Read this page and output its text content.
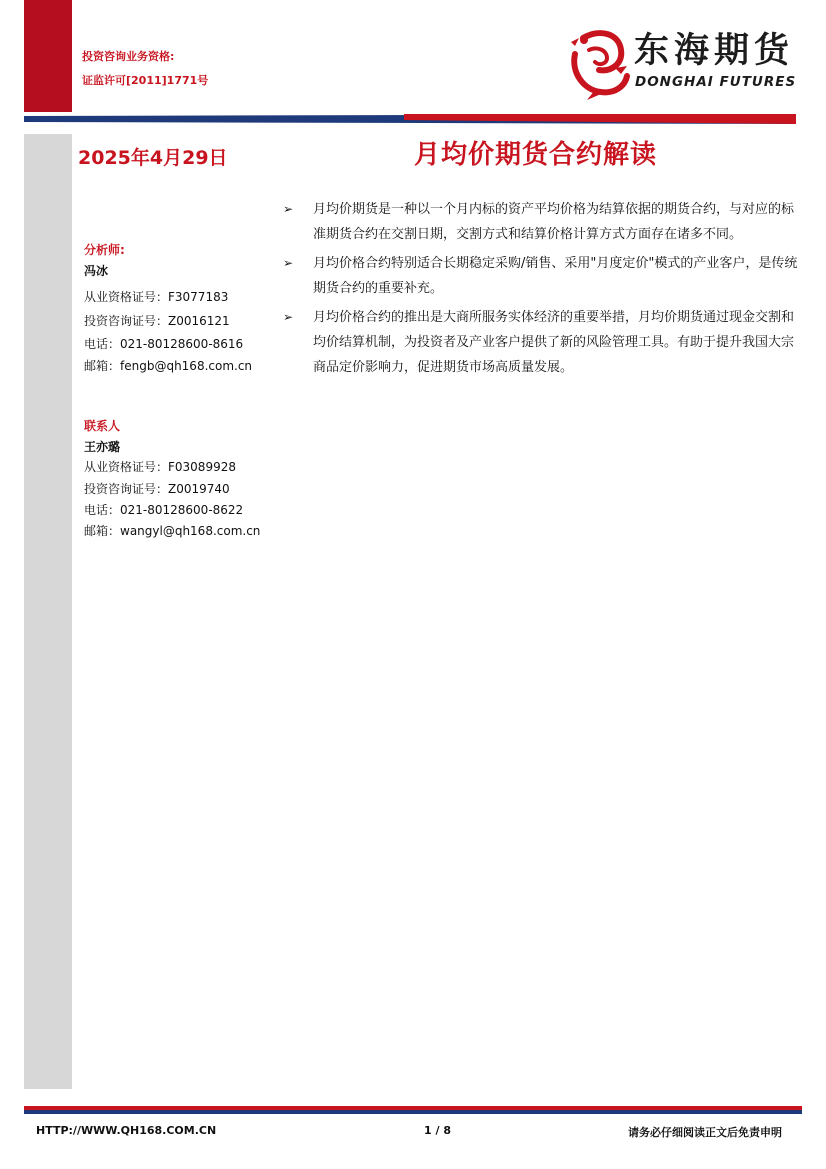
投资咨询业务资格:
证监许可[2011]1771号
东海期货
DONGHAI FUTURES
2025年4月29日	月均价期货合约解读
分析师:
冯冰
从业资格证号：F3077183
投资咨询证号：Z0016121
电话：021-80128600-8616
邮箱：fengb@qh168.com.cn
联系人
王亦璐
从业资格证号：F03089928
投资咨询证号：Z0019740
电话：021-80128600-8622
邮箱：wangyl@qh168.com.cn
➢ 月均价期货是一种以一个月内标的资产平均价格为结算依据的期货合约，与对应的标准期货合约在交割日期，交割方式和结算价格计算方式方面存在诸多不同。
➢ 月均价格合约特别适合长期稳定采购/销售、采用"月度定价"模式的产业客户，是传统期货合约的重要补充。
➢ 月均价格合约的推出是大商所服务实体经济的重要举措，月均价期货通过现金交割和均价结算机制，为投资者及产业客户提供了新的风险管理工具。有助于提升我国大宗商品定价影响力，促进期货市场高质量发展。
HTTP://WWW.QH168.COM.CN	1 / 8	请务必仔细阅读正文后免责申明
